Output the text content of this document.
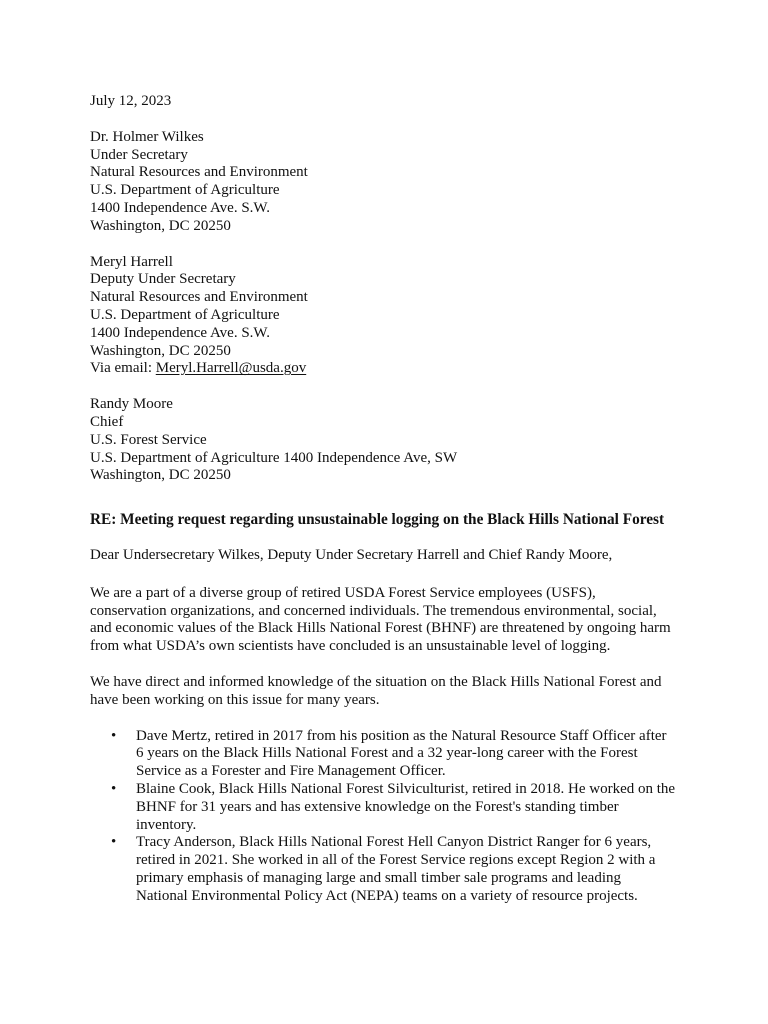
July 12, 2023
Dr. Holmer Wilkes
Under Secretary
Natural Resources and Environment
U.S. Department of Agriculture
1400 Independence Ave. S.W.
Washington, DC 20250
Meryl Harrell
Deputy Under Secretary
Natural Resources and Environment
U.S. Department of Agriculture
1400 Independence Ave. S.W.
Washington, DC 20250
Via email: Meryl.Harrell@usda.gov
Randy Moore
Chief
U.S. Forest Service
U.S. Department of Agriculture 1400 Independence Ave, SW
Washington, DC 20250
RE: Meeting request regarding unsustainable logging on the Black Hills National Forest
Dear Undersecretary Wilkes, Deputy Under Secretary Harrell and Chief Randy Moore,

We are a part of a diverse group of retired USDA Forest Service employees (USFS),
conservation organizations, and concerned individuals. The tremendous environmental, social,
and economic values of the Black Hills National Forest (BHNF) are threatened by ongoing harm
from what USDA’s own scientists have concluded is an unsustainable level of logging.

We have direct and informed knowledge of the situation on the Black Hills National Forest and
have been working on this issue for many years.

• Dave Mertz, retired in 2017 from his position as the Natural Resource Staff Officer after
6 years on the Black Hills National Forest and a 32 year-long career with the Forest
Service as a Forester and Fire Management Officer.
• Blaine Cook, Black Hills National Forest Silviculturist, retired in 2018. He worked on the
BHNF for 31 years and has extensive knowledge on the Forest's standing timber
inventory.
• Tracy Anderson, Black Hills National Forest Hell Canyon District Ranger for 6 years,
retired in 2021. She worked in all of the Forest Service regions except Region 2 with a
primary emphasis of managing large and small timber sale programs and leading
National Environmental Policy Act (NEPA) teams on a variety of resource projects.
